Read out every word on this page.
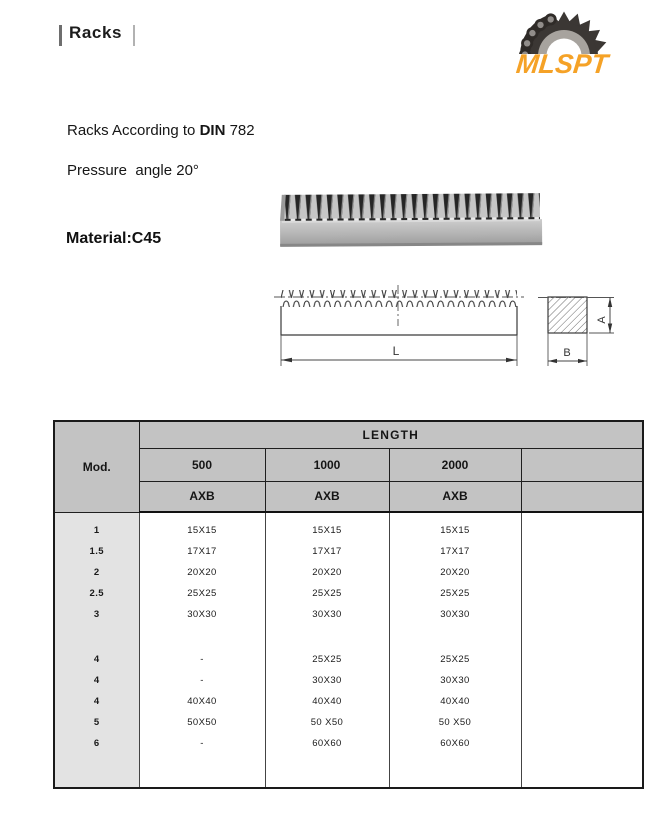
Racks
MLSPT
Racks According to DIN 782
Pressure  angle 20°
Material:C45
L
A
B
Mod.	LENGTH			
	500	1000	2000	
	AXB	AXB	AXB	

1	15X15	15X15	15X15	
1.5	17X17	17X17	17X17	
2	20X20	20X20	20X20	
2.5	25X25	25X25	25X25	
3	30X30	30X30	30X30	

4	-	25X25	25X25	
4	-	30X30	30X30	
4	40X40	40X40	40X40	
5	50X50	50 X50	50 X50	
6	-	60X60	60X60	
